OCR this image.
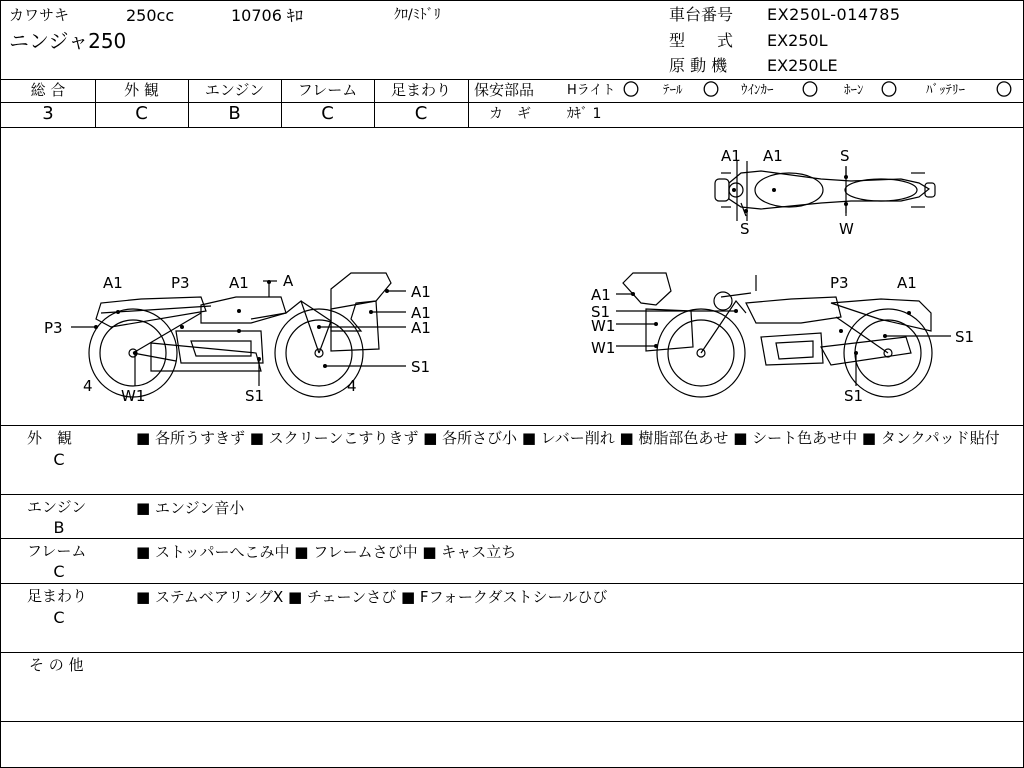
カワサキ	250cc	10706 ｷﾛ	ｸﾛ/ﾐﾄﾞﾘ
ニンジャ250
車台番号 EX250L-014785
型　　式 EX250L
原 動 機 EX250LE
総 合	外 観	エンジン	フレーム	足まわり
3	C	B	C	C
保安部品	Hライト 〇 ﾃｰﾙ 〇 ｳｲﾝｶｰ 〇 ﾎｰﾝ 〇 ﾊﾞｯﾃﾘｰ 〇
カ　ギ	ｶｷﾞ 1
A1 A1	S
S	W
A1	P3	A1 A
A1
A1
A1
P3
4
W1	S1
S1
4
A1
S1
W1
W1
P3	A1
S1
S1
外　観
C
■ 各所うすきず ■ スクリーンこすりきず ■ 各所さび小 ■ レバー削れ ■ 樹脂部色あせ ■ シート色あせ中 ■ タンクパッド貼付
エンジン
B
■ エンジン音小
フレーム
C
■ ストッパーへこみ中 ■ フレームさび中 ■ キャス立ち
足まわり
C
■ ステムベアリングX ■ チェーンさび ■ Fフォークダストシールひび
そ の 他
